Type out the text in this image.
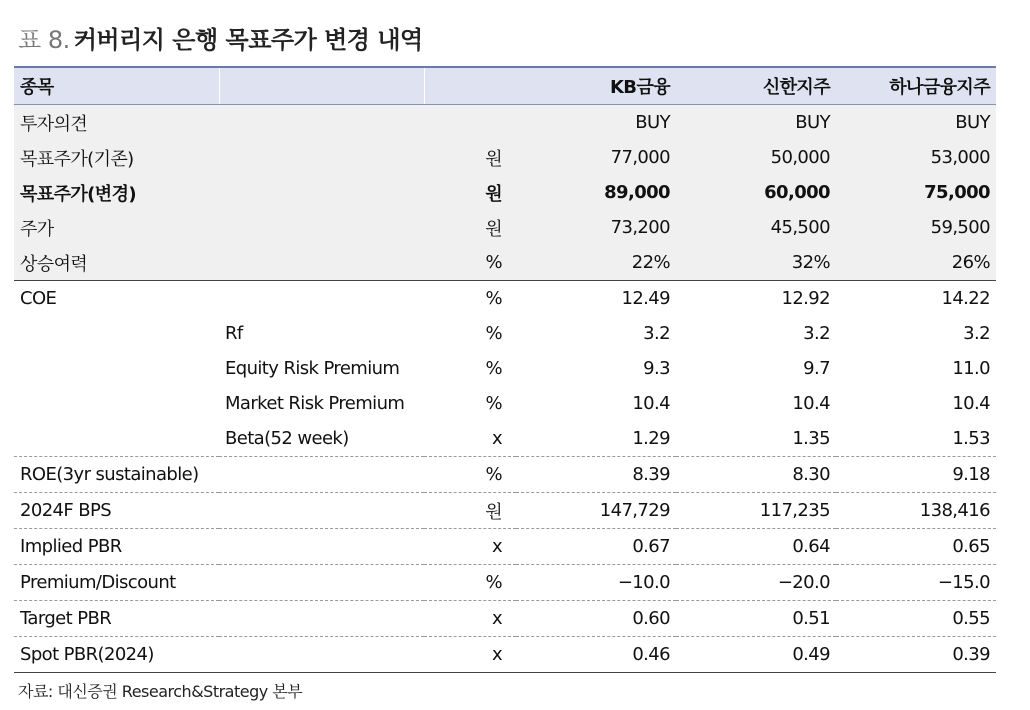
표 8. 커버리지 은행 목표주가 변경 내역
종목			KB금융	신한지주	하나금융지주
투자의견			BUY	BUY	BUY
목표주가(기존)		원	77,000	50,000	53,000
목표주가(변경)		원	89,000	60,000	75,000
주가		원	73,200	45,500	59,500
상승여력		%	22%	32%	26%
COE		%	12.49	12.92	14.22
	Rf	%	3.2	3.2	3.2
	Equity Risk Premium	%	9.3	9.7	11.0
	Market Risk Premium	%	10.4	10.4	10.4
	Beta(52 week)	x	1.29	1.35	1.53
ROE(3yr sustainable)		%	8.39	8.30	9.18
2024F BPS		원	147,729	117,235	138,416
Implied PBR		x	0.67	0.64	0.65
Premium/Discount		%	−10.0	−20.0	−15.0
Target PBR		x	0.60	0.51	0.55
Spot PBR(2024)		x	0.46	0.49	0.39
자료: 대신증권 Research&Strategy 본부
